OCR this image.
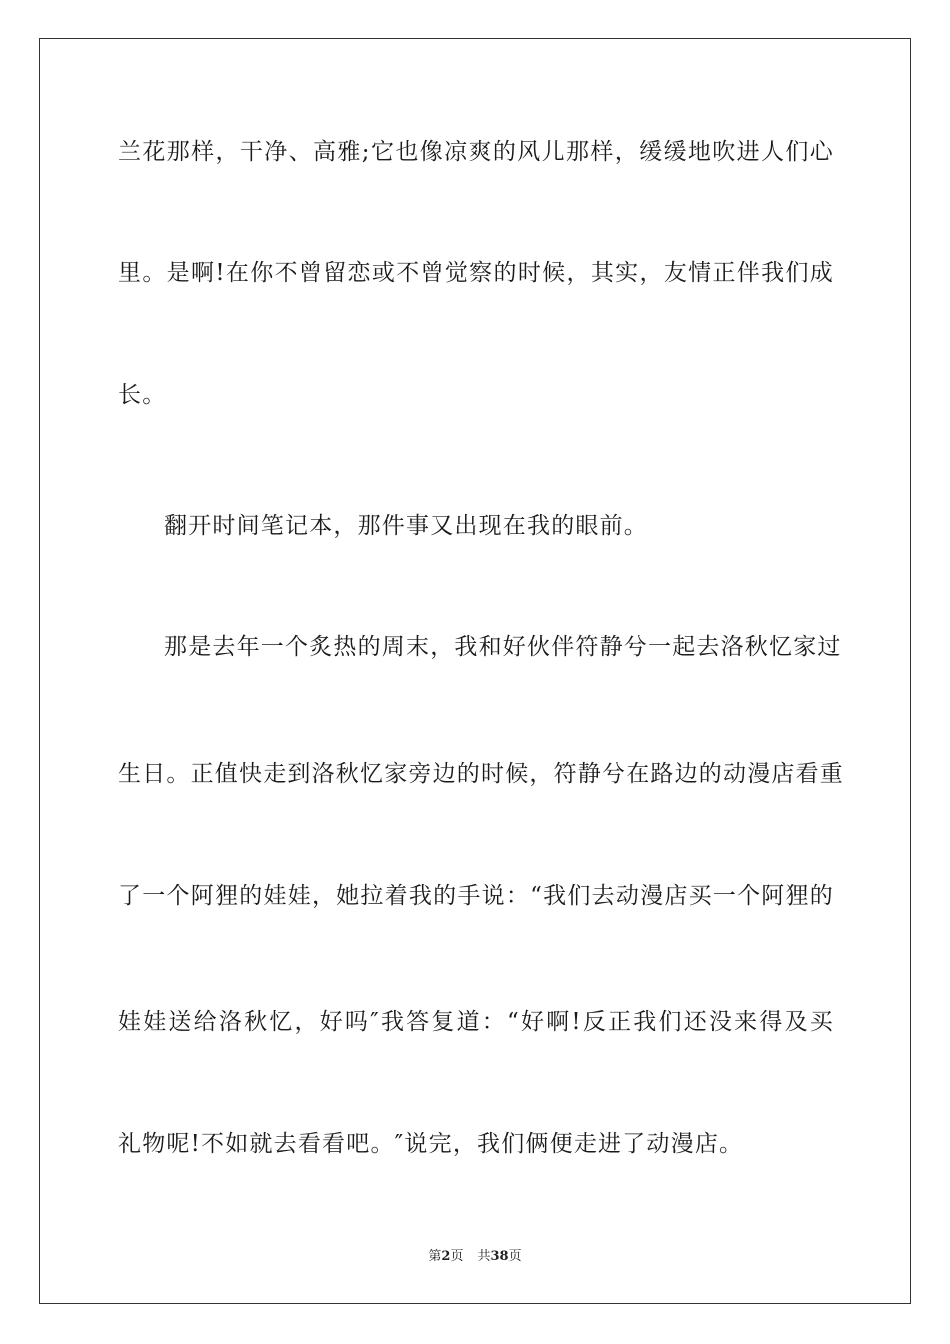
兰花那样，干净、高雅;它也像凉爽的风儿那样，缓缓地吹进人们心
里。是啊!在你不曾留恋或不曾觉察的时候，其实，友情正伴我们成
长。
翻开时间笔记本，那件事又出现在我的眼前。
那是去年一个炙热的周末，我和好伙伴符静兮一起去洛秋忆家过
生日。正值快走到洛秋忆家旁边的时候，符静兮在路边的动漫店看重
了一个阿狸的娃娃，她拉着我的手说：“我们去动漫店买一个阿狸的
娃娃送给洛秋忆，好吗″我答复道：“好啊!反正我们还没来得及买
礼物呢!不如就去看看吧。″说完，我们俩便走进了动漫店。
第2页 共38页
